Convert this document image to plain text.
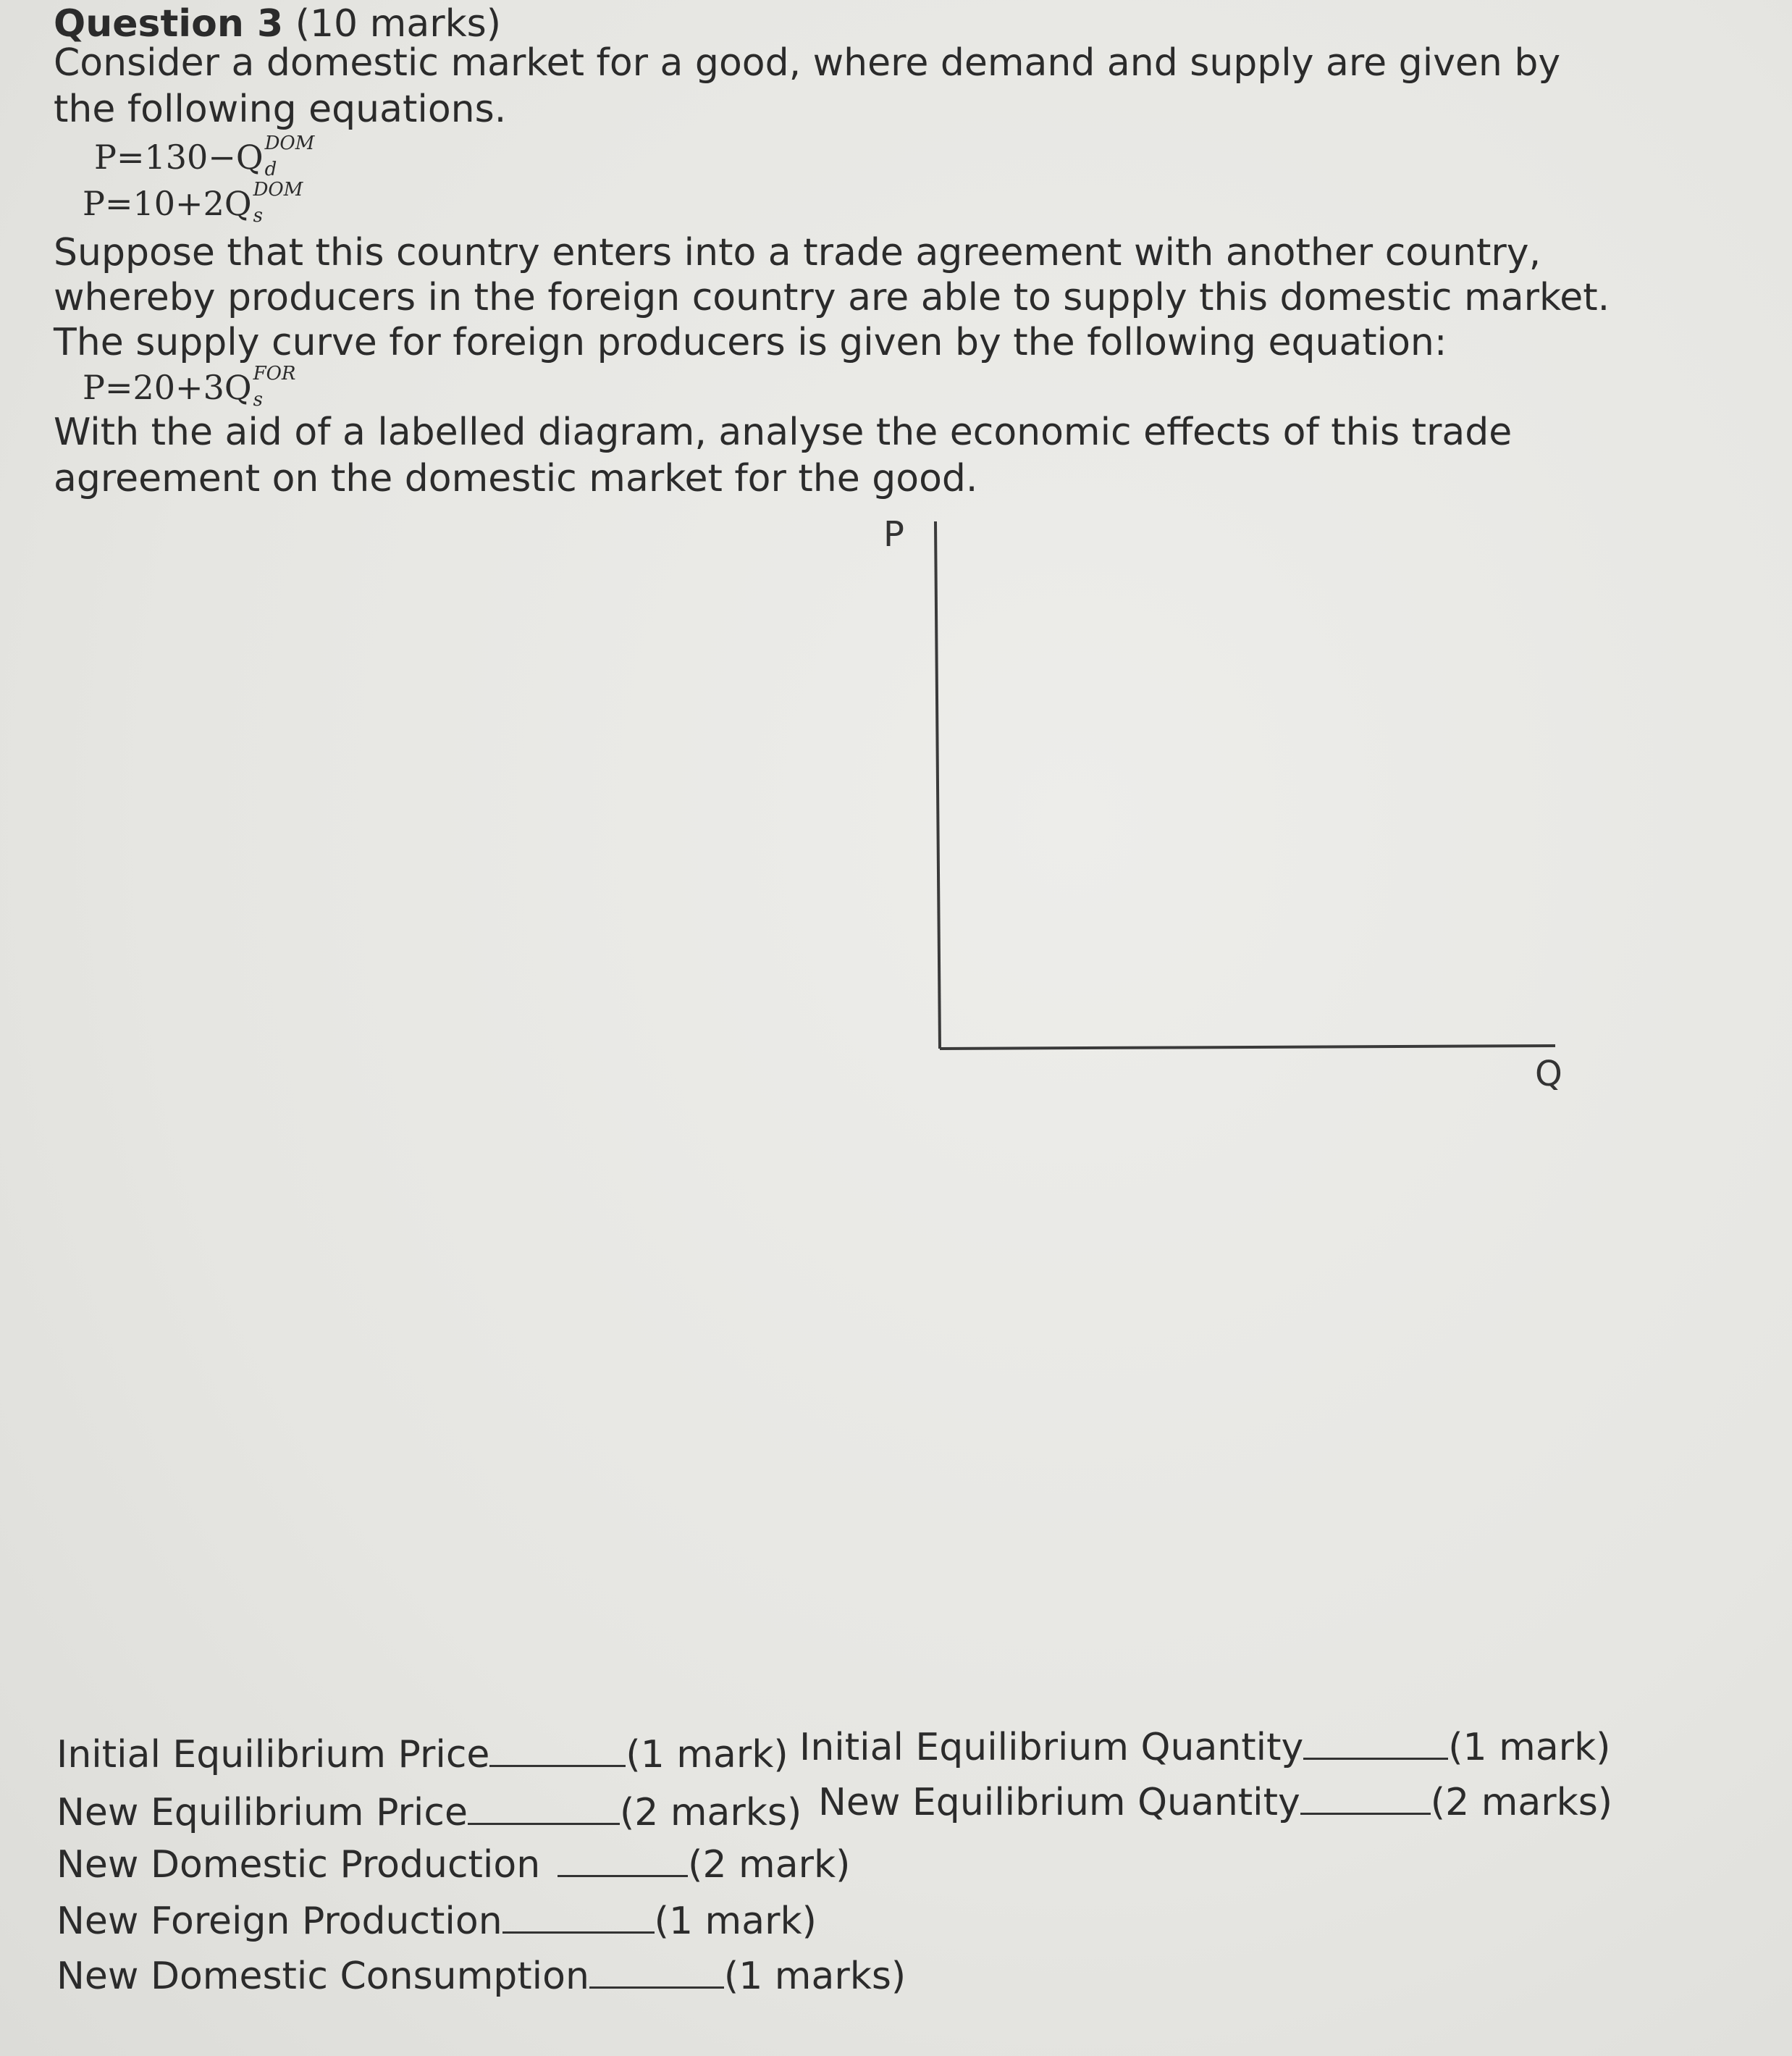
Question 3 (10 marks)
Consider a domestic market for a good, where demand and supply are given by
the following equations.
P=130−Q DOM
d
P=10+2Q DOM
s
Suppose that this country enters into a trade agreement with another country,
whereby producers in the foreign country are able to supply this domestic market.
The supply curve for foreign producers is given by the following equation:
P=20+3Q FOR
s
With the aid of a labelled diagram, analyse the economic effects of this trade
agreement on the domestic market for the good.
P
Q
Initial Equilibrium Price	(1 mark) Initial Equilibrium Quantity	(1 mark)
New Equilibrium Price	(2 marks) New Equilibrium Quantity	(2 marks)
New Domestic Production	(2 mark)
New Foreign Production	(1 mark)
New Domestic Consumption	(1 marks)
